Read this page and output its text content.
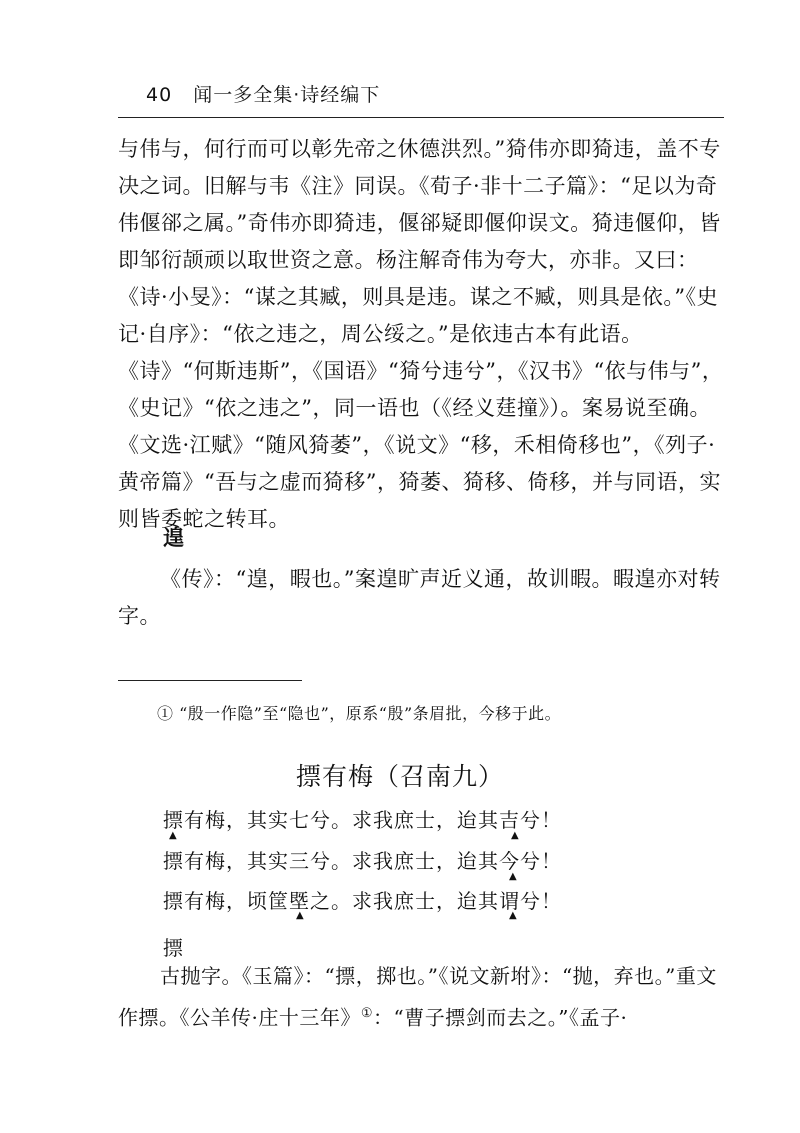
40 闻一多全集·诗经编下
与伟与，何行而可以彰先帝之休德洪烈。”猗伟亦即猗违，盖不专决之词。旧解与韦《注》同误。《荀子·非十二子篇》：“足以为奇伟偃郤之属。”奇伟亦即猗违，偃郤疑即偃仰误文。猗违偃仰，皆即邹衍颉顽以取世资之意。杨注解奇伟为夸大，亦非。又曰：《诗·小旻》：“谋之其臧，则具是违。谋之不臧，则具是依。”《史记·自序》：“依之违之，周公绥之。”是依违古本有此语。《诗》“何斯违斯”，《国语》“猗兮违兮”，《汉书》“依与伟与”，《史记》“依之违之”，同一语也（《经义莛撞》）。案易说至确。《文选·江赋》“随风猗萎”，《说文》“移，禾相倚移也”，《列子·黄帝篇》“吾与之虚而猗移”，猗萎、猗移、倚移，并与同语，实则皆委蛇之转耳。
遑
《传》：“遑，暇也。”案遑旷声近义通，故训暇。暇遑亦对转字。
① “殷一作隐”至“隐也”，原系“殷”条眉批，今移于此。
摽有梅（召南九）
摽有梅，其实七兮。求我庶士，迨其吉兮！
摽有梅，其实三兮。求我庶士，迨其今兮！
摽有梅，顷筐塈之。求我庶士，迨其谓兮！
▲	▲
▲
▲	▲
摽
古抛字。《玉篇》：“摽，掷也。”《说文新坿》：“抛，弃也。”重文作摽。《公羊传·庄十三年》①：“曹子摽剑而去之。”《孟子·
